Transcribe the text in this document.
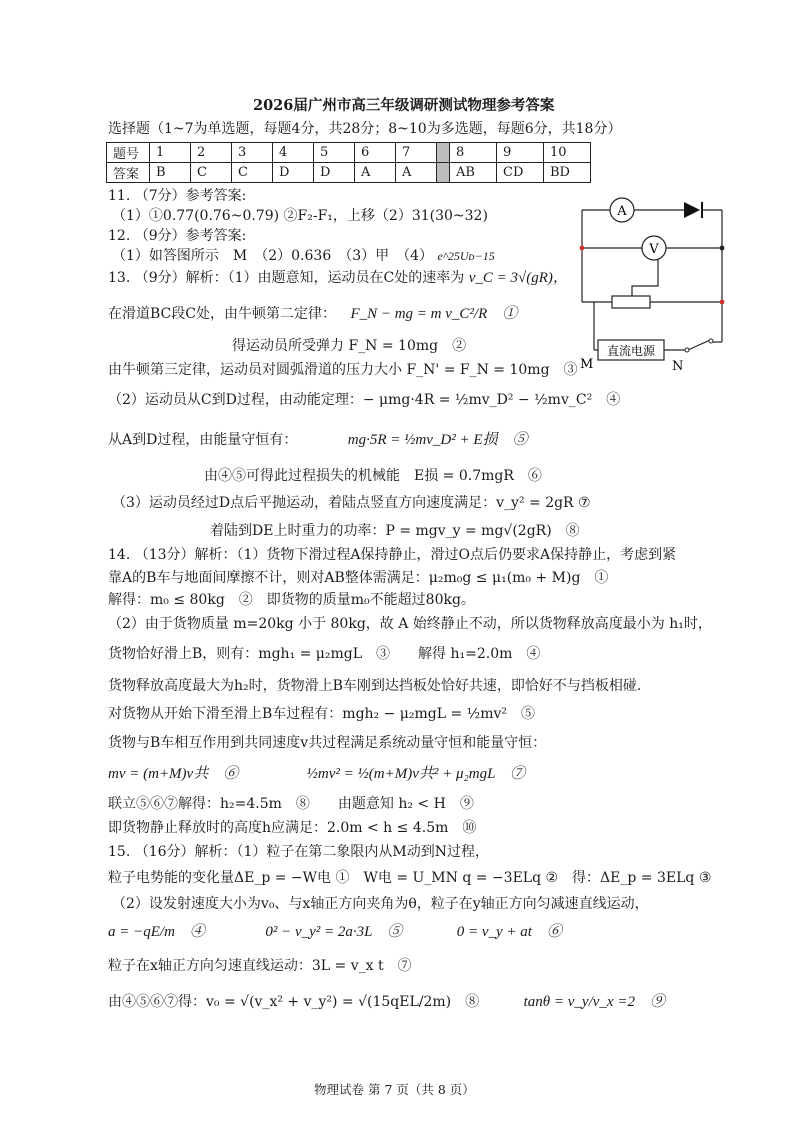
2026届广州市高三年级调研测试物理参考答案
选择题（1~7为单选题，每题4分，共28分；8~10为多选题，每题6分，共18分）
题号	1	2	3	4	5	6	7		8	9	10
答案	B	C	C	D	D	A	A		AB	CD	BD
11. （7分）参考答案:
（1）①0.77(0.76~0.79) ②F₂-F₁，上移（2）31(30~32)
12. （9分）参考答案:
（1）如答图所示　M　（2）0.636　（3）甲　（4） e^25Uᴅ−15
13. （9分）解析：（1）由题意知，运动员在C处的速率为 v_C = 3√(gR)，
在滑道BC段C处，由牛顿第二定律： F_N − mg = m v_C²/R　①
得运动员所受弹力 F_N = 10mg　②
由牛顿第三定律，运动员对圆弧滑道的压力大小 F_N' = F_N = 10mg　③
（2）运动员从C到D过程，由动能定理：− μmg·4R = ½mv_D² − ½mv_C²　④
从A到D过程，由能量守恒有：	mg·5R = ½mv_D² + E损　⑤
由④⑤可得此过程损失的机械能　E损 = 0.7mgR　⑥
（3）运动员经过D点后平抛运动，着陆点竖直方向速度满足：v_y² = 2gR ⑦
着陆到DE上时重力的功率：P = mgv_y = mg√(2gR)　⑧
14. （13分）解析：（1）货物下滑过程A保持静止，滑过O点后仍要求A保持静止，考虑到紧
靠A的B车与地面间摩擦不计，则对AB整体需满足：μ₂m₀g ≤ μ₁(m₀ + M)g　①
解得：m₀ ≤ 80kg　②　即货物的质量m₀不能超过80kg。
（2）由于货物质量 m=20kg 小于 80kg，故 A 始终静止不动，所以货物释放高度最小为 h₁时，
货物恰好滑上B，则有：mgh₁ = μ₂mgL　③　　解得 h₁=2.0m　④
货物释放高度最大为h₂时，货物滑上B车刚到达挡板处恰好共速，即恰好不与挡板相碰.
对货物从开始下滑至滑上B车过程有：mgh₂ − μ₂mgL = ½mv²　⑤
货物与B车相互作用到共同速度v共过程满足系统动量守恒和能量守恒：
mv = (m+M)v共　⑥	½mv² = ½(m+M)v共² + μ₂mgL　⑦
联立⑤⑥⑦解得：h₂=4.5m　⑧　　由题意知 h₂ < H　⑨
即货物静止释放时的高度h应满足：2.0m < h ≤ 4.5m　⑩
15. （16分）解析：（1）粒子在第二象限内从M动到N过程，
粒子电势能的变化量ΔE_p = −W电 ①　W电 = U_MN q = −3ELq ②　得：ΔE_p = 3ELq ③
（2）设发射速度大小为v₀、与x轴正方向夹角为θ，粒子在y轴正方向匀减速直线运动，
a = −qE/m　④	0² − v_y² = 2a·3L　⑤	0 = v_y + at　⑥
粒子在x轴正方向匀速直线运动：3L = v_x t　⑦
由④⑤⑥⑦得：v₀ = √(v_x² + v_y²) = √(15qEL/2m)　⑧	tanθ = v_y/v_x =2　⑨
物理试卷 第 7 页（共 8 页）
A
V
直流电源
M	N
